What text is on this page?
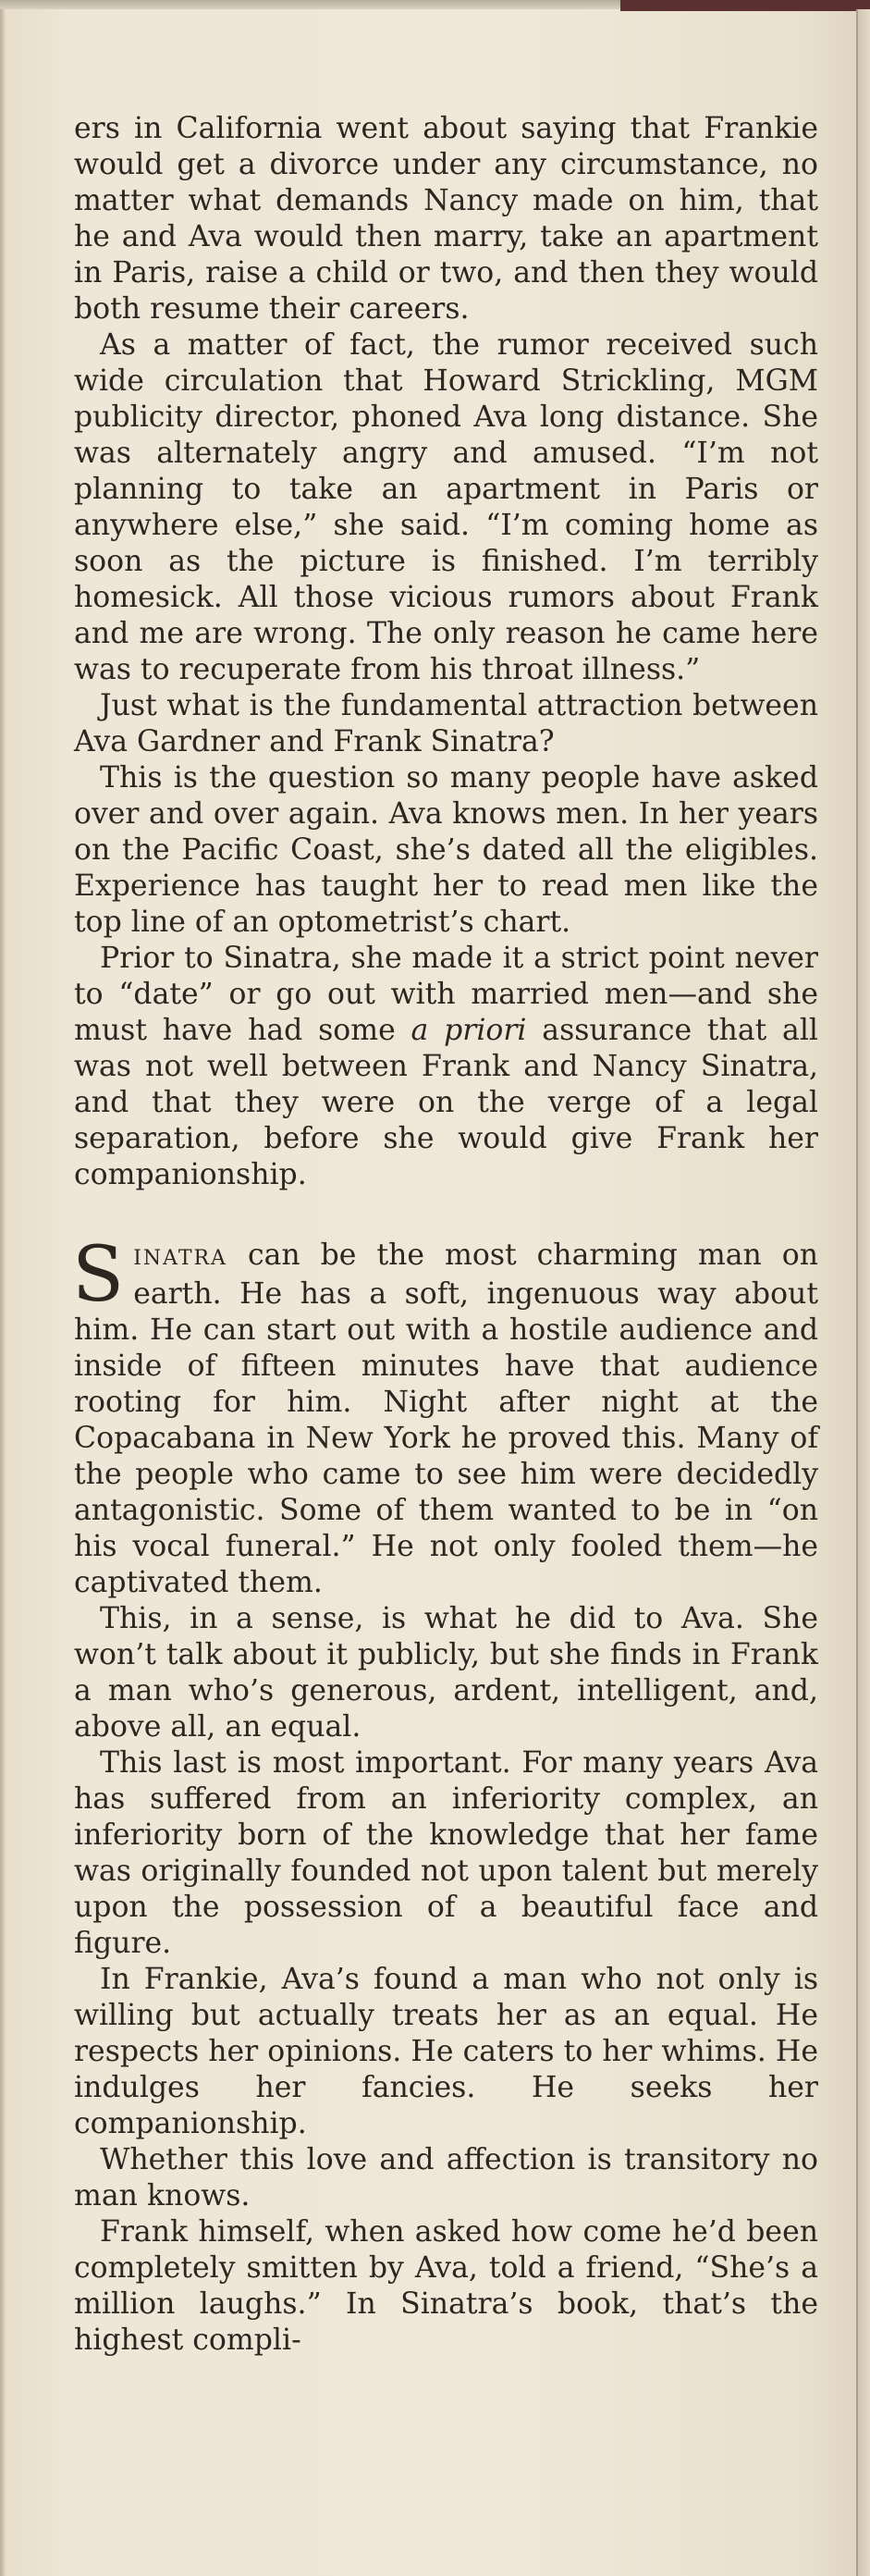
ers in California went about saying that Frankie would get a divorce under any circumstance, no matter what demands Nancy made on him, that he and Ava would then marry, take an apartment in Paris, raise a child or two, and then they would both resume their careers.

As a matter of fact, the rumor received such wide circulation that Howard Strickling, MGM publicity director, phoned Ava long distance. She was alternately angry and amused. “I’m not planning to take an apartment in Paris or anywhere else,” she said. “I’m coming home as soon as the picture is finished. I’m terribly homesick. All those vicious rumors about Frank and me are wrong. The only reason he came here was to recuperate from his throat illness.”

Just what is the fundamental attraction between Ava Gardner and Frank Sinatra?

This is the question so many people have asked over and over again. Ava knows men. In her years on the Pacific Coast, she’s dated all the eligibles. Experience has taught her to read men like the top line of an optometrist’s chart.

Prior to Sinatra, she made it a strict point never to “date” or go out with married men—and she must have had some a priori assurance that all was not well between Frank and Nancy Sinatra, and that they were on the verge of a legal separation, before she would give Frank her companionship.

SINATRA can be the most charming man on earth. He has a soft, ingenuous way about him. He can start out with a hostile audience and inside of fifteen minutes have that audience rooting for him. Night after night at the Copacabana in New York he proved this. Many of the people who came to see him were decidedly antagonistic. Some of them wanted to be in “on his vocal funeral.” He not only fooled them—he captivated them.

This, in a sense, is what he did to Ava. She won’t talk about it publicly, but she finds in Frank a man who’s generous, ardent, intelligent, and, above all, an equal.

This last is most important. For many years Ava has suffered from an inferiority complex, an inferiority born of the knowledge that her fame was originally founded not upon talent but merely upon the possession of a beautiful face and figure.

In Frankie, Ava’s found a man who not only is willing but actually treats her as an equal. He respects her opinions. He caters to her whims. He indulges her fancies. He seeks her companionship.

Whether this love and affection is transitory no man knows.

Frank himself, when asked how come he’d been completely smitten by Ava, told a friend, “She’s a million laughs.” In Sinatra’s book, that’s the highest compli-
